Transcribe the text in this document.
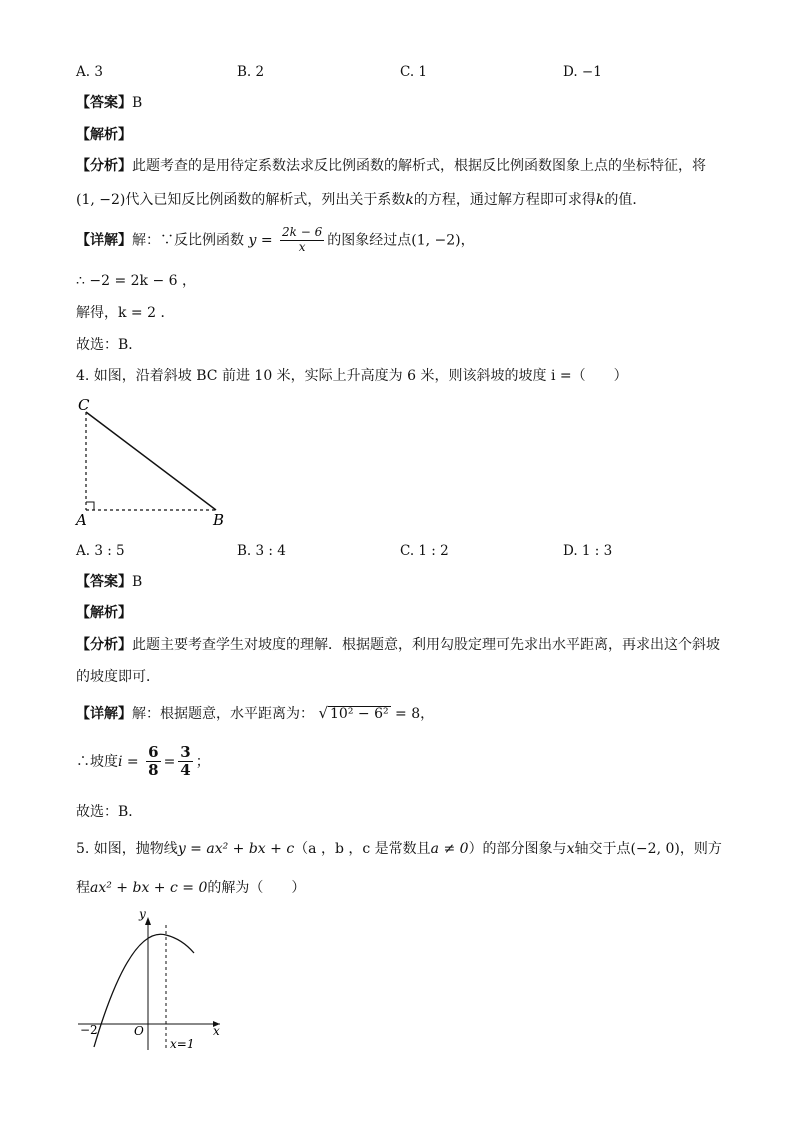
A. 3	B. 2	C. 1	D. −1
【答案】B
【解析】
【分析】此题考查的是用待定系数法求反比例函数的解析式，根据反比例函数图象上点的坐标特征，将
(1, −2)代入已知反比例函数的解析式，列出关于系数k的方程，通过解方程即可求得k的值．
【详解】解：∵反比例函数 $y = \frac{2k - 6}{x}$ 的图象经过点(1, −2)，
∴ −2 = 2k − 6 ，
解得，k = 2 ．
故选：B．
4. 如图，沿着斜坡 BC 前进 10 米，实际上升高度为 6 米，则该斜坡的坡度 i =（　　）
C
A	B
A. 3 : 5	B. 3 : 4	C. 1 : 2	D. 1 : 3
【答案】B
【解析】
【分析】此题主要考查学生对坡度的理解．根据题意，利用勾股定理可先求出水平距离，再求出这个斜坡
的坡度即可．
【详解】解：根据题意，水平距离为： √ 10² − 6² = 8，
∴坡度$i = \frac{6}{8} = \frac{3}{4}$ ；
故选：B．
5. 如图，抛物线y = ax² + bx + c（a ，b ，c 是常数且a ≠ 0）的部分图象与x轴交于点(−2, 0)，则方
程ax² + bx + c = 0的解为（　　）
y
x
O
−2
x=1
